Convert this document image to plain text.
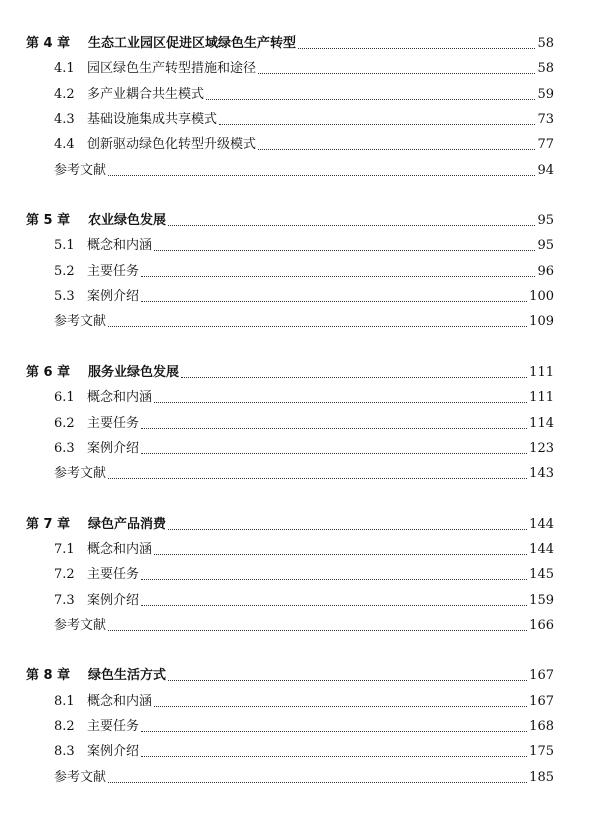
第 4 章	生态工业园区促进区域绿色生产转型	58
4.1 园区绿色生产转型措施和途径	58
4.2 多产业耦合共生模式	59
4.3 基础设施集成共享模式	73
4.4 创新驱动绿色化转型升级模式	77
参考文献	94
第 5 章	农业绿色发展	95
5.1 概念和内涵	95
5.2 主要任务	96
5.3 案例介绍	100
参考文献	109
第 6 章	服务业绿色发展	111
6.1 概念和内涵	111
6.2 主要任务	114
6.3 案例介绍	123
参考文献	143
第 7 章	绿色产品消费	144
7.1 概念和内涵	144
7.2 主要任务	145
7.3 案例介绍	159
参考文献	166
第 8 章	绿色生活方式	167
8.1 概念和内涵	167
8.2 主要任务	168
8.3 案例介绍	175
参考文献	185
